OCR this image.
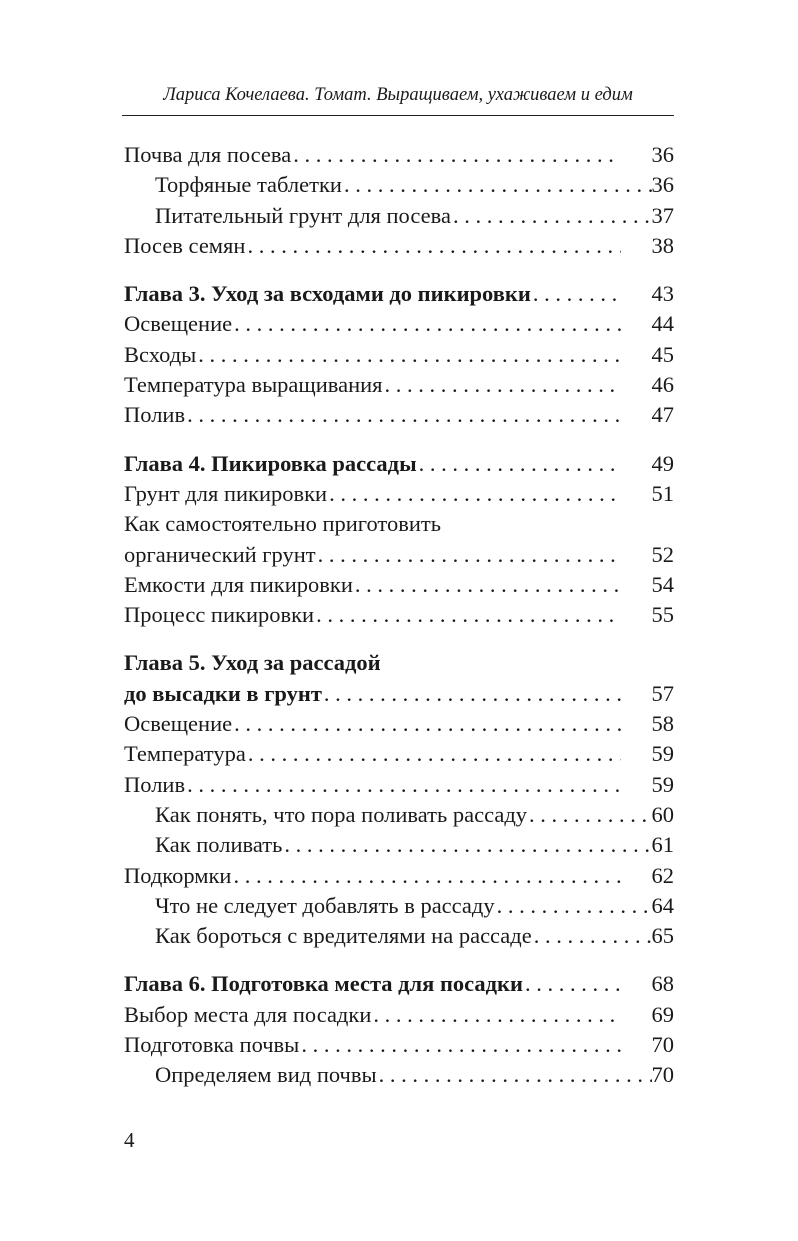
Лариса Кочелаева. Томат. Выращиваем, ухаживаем и едим
Почва для посева . . .	36
Торфяные таблетки . . .	36
Питательный грунт для посева . . .	37
Посев семян . . .	38
Глава 3. Уход за всходами до пикировки . . .	43
Освещение . . .	44
Всходы . . .	45
Температура выращивания . . .	46
Полив . . .	47
Глава 4. Пикировка рассады . . .	49
Грунт для пикировки . . .	51
Как самостоятельно приготовить
органический грунт . . .	52
Емкости для пикировки . . .	54
Процесс пикировки . . .	55
Глава 5. Уход за рассадой
до высадки в грунт . . .	57
Освещение . . .	58
Температура . . .	59
Полив . . .	59
Как понять, что пора поливать рассаду . . .	60
Как поливать . . .	61
Подкормки . . .	62
Что не следует добавлять в рассаду . . .	64
Как бороться с вредителями на рассаде . . .	65
Глава 6. Подготовка места для посадки . . .	68
Выбор места для посадки . . .	69
Подготовка почвы . . .	70
Определяем вид почвы . . .	70
4
